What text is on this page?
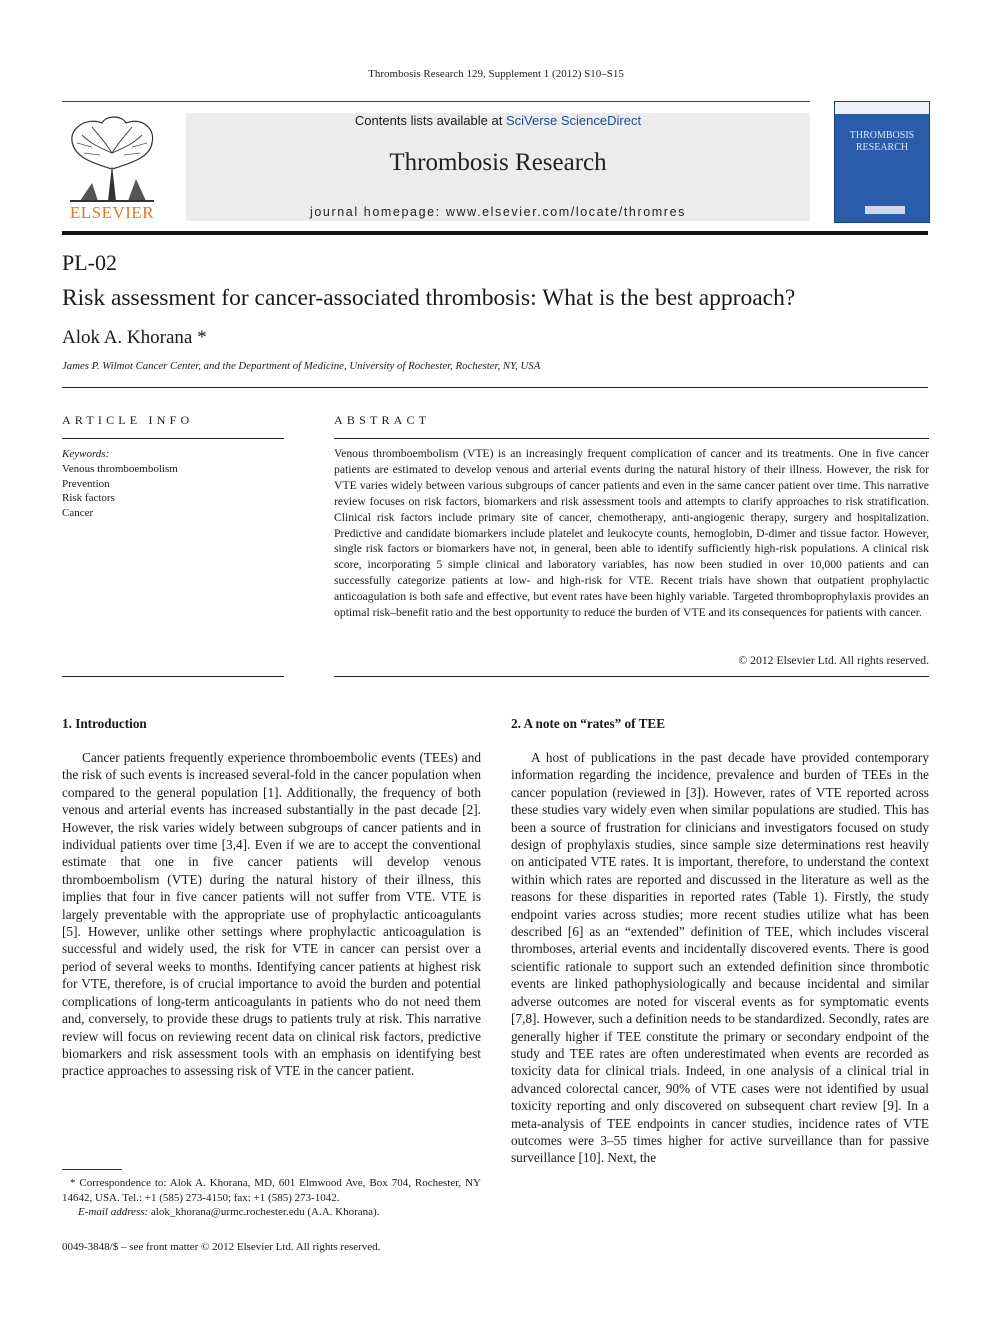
Thrombosis Research 129, Supplement 1 (2012) S10–S15
ELSEVIER
Contents lists available at SciVerse ScienceDirect
Thrombosis Research
journal homepage: www.elsevier.com/locate/thromres
THROMBOSIS RESEARCH
PL-02
Risk assessment for cancer-associated thrombosis: What is the best approach?
Alok A. Khorana *
James P. Wilmot Cancer Center, and the Department of Medicine, University of Rochester, Rochester, NY, USA
ARTICLE INFO
Keywords:
Venous thromboembolism
Prevention
Risk factors
Cancer
ABSTRACT
Venous thromboembolism (VTE) is an increasingly frequent complication of cancer and its treatments. One in five cancer patients are estimated to develop venous and arterial events during the natural history of their illness. However, the risk for VTE varies widely between various subgroups of cancer patients and even in the same cancer patient over time. This narrative review focuses on risk factors, biomarkers and risk assessment tools and attempts to clarify approaches to risk stratification. Clinical risk factors include primary site of cancer, chemotherapy, anti-angiogenic therapy, surgery and hospitalization. Predictive and candidate biomarkers include platelet and leukocyte counts, hemoglobin, D-dimer and tissue factor. However, single risk factors or biomarkers have not, in general, been able to identify sufficiently high-risk populations. A clinical risk score, incorporating 5 simple clinical and laboratory variables, has now been studied in over 10,000 patients and can successfully categorize patients at low- and high-risk for VTE. Recent trials have shown that outpatient prophylactic anticoagulation is both safe and effective, but event rates have been highly variable. Targeted thromboprophylaxis provides an optimal risk–benefit ratio and the best opportunity to reduce the burden of VTE and its consequences for patients with cancer.
© 2012 Elsevier Ltd. All rights reserved.
1. Introduction
Cancer patients frequently experience thromboembolic events (TEEs) and the risk of such events is increased several-fold in the cancer population when compared to the general population [1]. Additionally, the frequency of both venous and arterial events has increased substantially in the past decade [2]. However, the risk varies widely between subgroups of cancer patients and in individual patients over time [3,4]. Even if we are to accept the conventional estimate that one in five cancer patients will develop venous thromboembolism (VTE) during the natural history of their illness, this implies that four in five cancer patients will not suffer from VTE. VTE is largely preventable with the appropriate use of prophylactic anticoagulants [5]. However, unlike other settings where prophylactic anticoagulation is successful and widely used, the risk for VTE in cancer can persist over a period of several weeks to months. Identifying cancer patients at highest risk for VTE, therefore, is of crucial importance to avoid the burden and potential complications of long-term anticoagulants in patients who do not need them and, conversely, to provide these drugs to patients truly at risk. This narrative review will focus on reviewing recent data on clinical risk factors, predictive biomarkers and risk assessment tools with an emphasis on identifying best practice approaches to assessing risk of VTE in the cancer patient.
2. A note on “rates” of TEE
A host of publications in the past decade have provided contemporary information regarding the incidence, prevalence and burden of TEEs in the cancer population (reviewed in [3]). However, rates of VTE reported across these studies vary widely even when similar populations are studied. This has been a source of frustration for clinicians and investigators focused on study design of prophylaxis studies, since sample size determinations rest heavily on anticipated VTE rates. It is important, therefore, to understand the context within which rates are reported and discussed in the literature as well as the reasons for these disparities in reported rates (Table 1). Firstly, the study endpoint varies across studies; more recent studies utilize what has been described [6] as an “extended” definition of TEE, which includes visceral thromboses, arterial events and incidentally discovered events. There is good scientific rationale to support such an extended definition since thrombotic events are linked pathophysiologically and because incidental and similar adverse outcomes are noted for visceral events as for symptomatic events [7,8]. However, such a definition needs to be standardized. Secondly, rates are generally higher if TEE constitute the primary or secondary endpoint of the study and TEE rates are often underestimated when events are recorded as toxicity data for clinical trials. Indeed, in one analysis of a clinical trial in advanced colorectal cancer, 90% of VTE cases were not identified by usual toxicity reporting and only discovered on subsequent chart review [9]. In a meta-analysis of TEE endpoints in cancer studies, incidence rates of VTE outcomes were 3–55 times higher for active surveillance than for passive surveillance [10]. Next, the
* Correspondence to: Alok A. Khorana, MD, 601 Elmwood Ave, Box 704, Rochester, NY 14642, USA. Tel.: +1 (585) 273-4150; fax: +1 (585) 273-1042.
E-mail address: alok_khorana@urmc.rochester.edu (A.A. Khorana).
0049-3848/$ – see front matter © 2012 Elsevier Ltd. All rights reserved.
